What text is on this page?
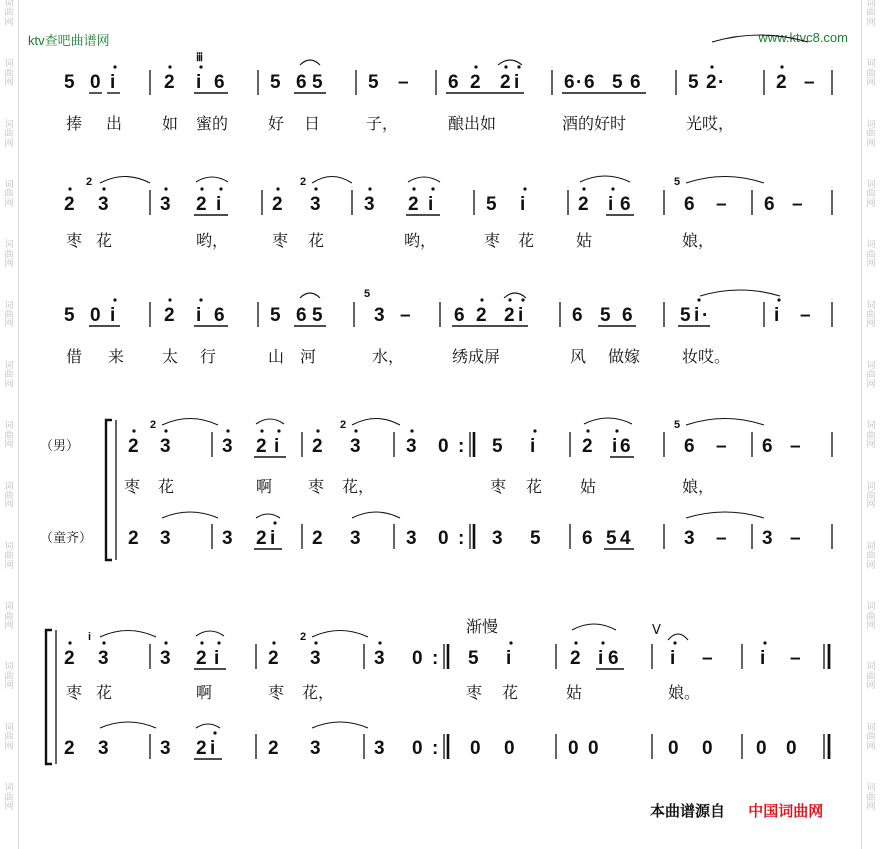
词
曲
网
词
曲
网
词
曲
网
词
曲
网
词
曲
网
词
曲
网
词
曲
网
词
曲
网
词
曲
网
词
曲
网
词
曲
网
词
曲
网
词
曲
网
词
曲
网
词
曲
网
词
曲
网
词
曲
网
词
曲
网
词
曲
网
词
曲
网
词
曲
网
词
曲
网
词
曲
网
词
曲
网
词
曲
网
词
曲
网
词
曲
网
词
曲
网
ktv查吧曲谱网	www.ktvc8.com
5 0 i	2 i
ⅲ
6 5 6 5 5 – 6 2 2 i 6 · 6 5 6 5 2 ·	2 –
捧 出 如 蜜的 好 日	子，	酿出如	酒的好时	光哎，
2
2
3	3 2 i	2
2
3 3 2 i	5 i	2 i 6
5
6 – 6 –
枣 花	哟，	枣 花	哟，	枣 花	姑	娘，
5 0 i	2 i 6 5 6 5
5
3 – 6 2 2 i	6 5 6 5 i ·	i –
借 来 太 行	山 河	水，	绣成屏	风 做嫁	妆哎。
（男）
（童齐）
2
2
3	3 2 i 2
2
3 3 0 : 5 i 2 i 6
5
6 – 6 –
枣 花	啊 枣 花，	枣 花 姑	娘，
2 3	3 2 i 2 3 3 0 : 3 5 6 5 4	3 – 3 –
渐慢	V
2
i
3	3 2 i	2
2
3	3 0 : 5 i	2 i 6	i – i –
枣 花	啊	枣 花，	枣 花	姑	娘。
2 3	3 2 i	2 3	3 0 : 0 0	0 0	0 0 0 0
本曲谱源自 中国词曲网
